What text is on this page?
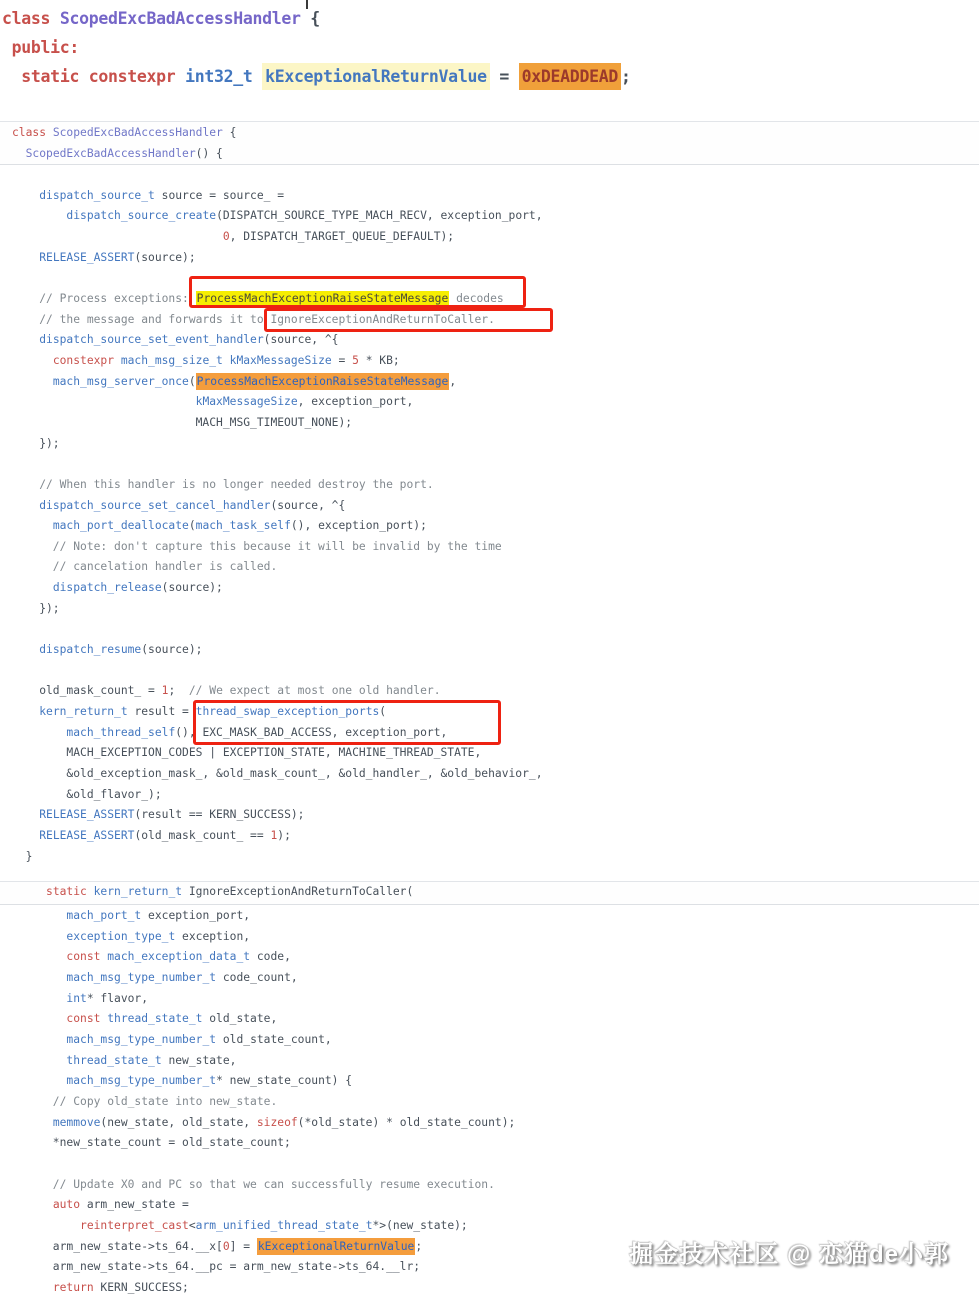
class ScopedExcBadAccessHandler {
public:
static constexpr int32_t kExceptionalReturnValue = 0xDEADDEAD ;
class ScopedExcBadAccessHandler {
ScopedExcBadAccessHandler() {

dispatch_source_t source = source_ =
dispatch_source_create(DISPATCH_SOURCE_TYPE_MACH_RECV, exception_port,
0, DISPATCH_TARGET_QUEUE_DEFAULT);
RELEASE_ASSERT(source);

// Process exceptions: ProcessMachExceptionRaiseStateMessage decodes
// the message and forwards it to IgnoreExceptionAndReturnToCaller.
dispatch_source_set_event_handler(source, ^{
constexpr mach_msg_size_t kMaxMessageSize = 5 * KB;
mach_msg_server_once(ProcessMachExceptionRaiseStateMessage,
kMaxMessageSize, exception_port,
MACH_MSG_TIMEOUT_NONE);
});

// When this handler is no longer needed destroy the port.
dispatch_source_set_cancel_handler(source, ^{
mach_port_deallocate(mach_task_self(), exception_port);
// Note: don't capture this because it will be invalid by the time
// cancelation handler is called.
dispatch_release(source);
});

dispatch_resume(source);

old_mask_count_ = 1;  // We expect at most one old handler.
kern_return_t result = thread_swap_exception_ports(
mach_thread_self(), EXC_MASK_BAD_ACCESS, exception_port,
MACH_EXCEPTION_CODES | EXCEPTION_STATE, MACHINE_THREAD_STATE,
&old_exception_mask_, &old_mask_count_, &old_handler_, &old_behavior_,
&old_flavor_);
RELEASE_ASSERT(result == KERN_SUCCESS);
RELEASE_ASSERT(old_mask_count_ == 1);
}
static kern_return_t IgnoreExceptionAndReturnToCaller(
mach_port_t exception_port,
exception_type_t exception,
const mach_exception_data_t code,
mach_msg_type_number_t code_count,
int* flavor,
const thread_state_t old_state,
mach_msg_type_number_t old_state_count,
thread_state_t new_state,
mach_msg_type_number_t* new_state_count) {
// Copy old_state into new_state.
memmove(new_state, old_state, sizeof(*old_state) * old_state_count);
*new_state_count = old_state_count;

// Update X0 and PC so that we can successfully resume execution.
auto arm_new_state =
reinterpret_cast<arm_unified_thread_state_t*>(new_state);
arm_new_state->ts_64.__x[0] = kExceptionalReturnValue;
arm_new_state->ts_64.__pc = arm_new_state->ts_64.__lr;
return KERN_SUCCESS;
掘金技术社区 @ 恋猫de小郭
